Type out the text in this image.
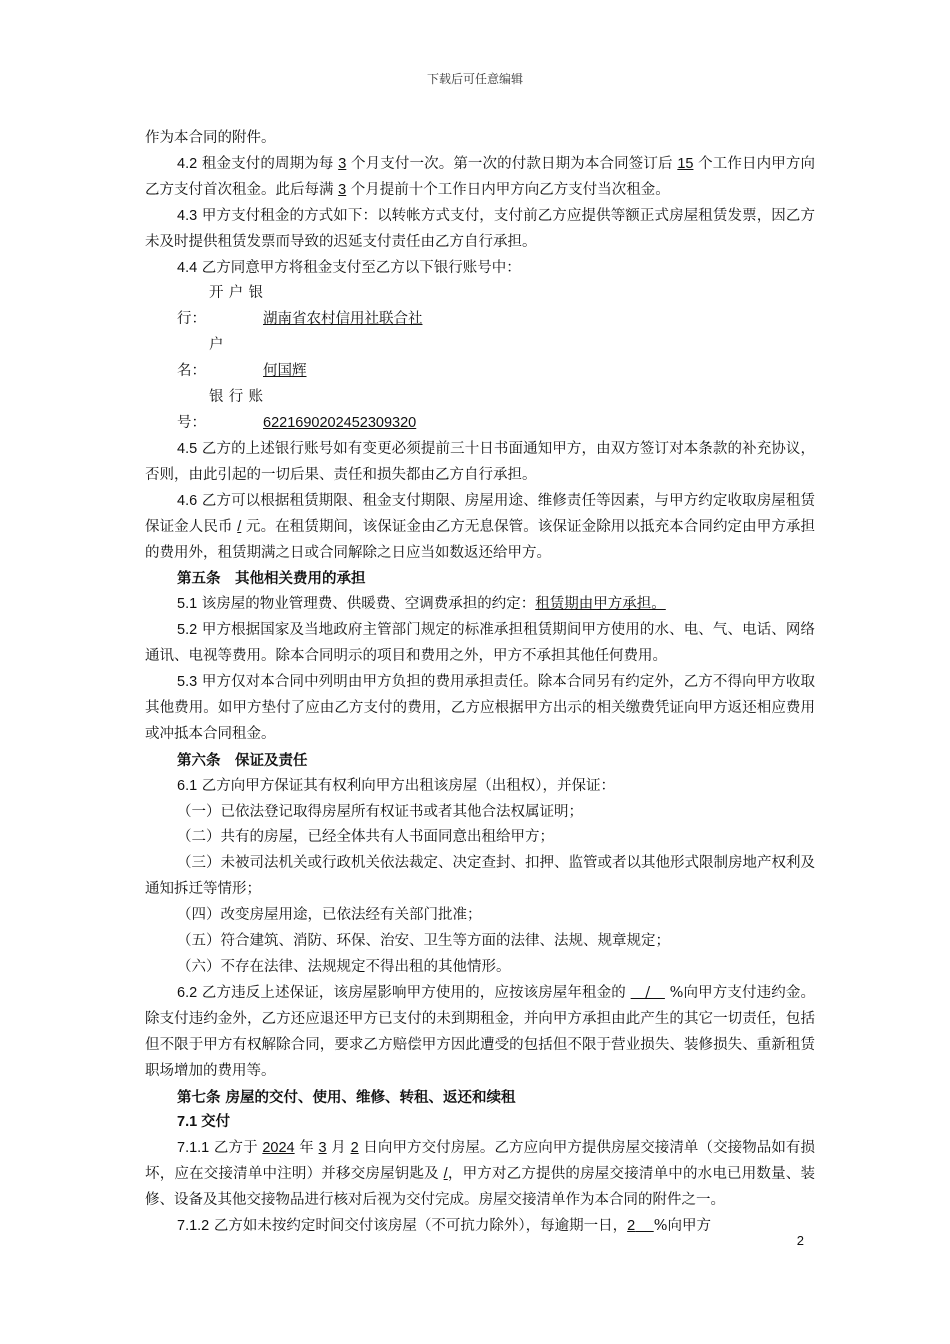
下载后可任意编辑

作为本合同的附件。

4.2 租金支付的周期为每 3 个月支付一次。第一次的付款日期为本合同签订后 15 个工作日内甲方向乙方支付首次租金。此后每满 3 个月提前十个工作日内甲方向乙方支付当次租金。

4.3 甲方支付租金的方式如下：以转帐方式支付，支付前乙方应提供等额正式房屋租赁发票，因乙方未及时提供租赁发票而导致的迟延支付责任由乙方自行承担。

4.4 乙方同意甲方将租金支付至乙方以下银行账号中：

开户银行：	湖南省农村信用社联合社

户　　名：	何国辉

银行账号：	6221690202452309320

4.5 乙方的上述银行账号如有变更必须提前三十日书面通知甲方，由双方签订对本条款的补充协议，否则，由此引起的一切后果、责任和损失都由乙方自行承担。

4.6 乙方可以根据租赁期限、租金支付期限、房屋用途、维修责任等因素，与甲方约定收取房屋租赁保证金人民币 / 元。在租赁期间，该保证金由乙方无息保管。该保证金除用以抵充本合同约定由甲方承担的费用外，租赁期满之日或合同解除之日应当如数返还给甲方。

第五条　其他相关费用的承担

5.1 该房屋的物业管理费、供暖费、空调费承担的约定：租赁期由甲方承担。

5.2 甲方根据国家及当地政府主管部门规定的标准承担租赁期间甲方使用的水、电、气、电话、网络通讯、电视等费用。除本合同明示的项目和费用之外，甲方不承担其他任何费用。

5.3 甲方仅对本合同中列明由甲方负担的费用承担责任。除本合同另有约定外，乙方不得向甲方收取其他费用。如甲方垫付了应由乙方支付的费用，乙方应根据甲方出示的相关缴费凭证向甲方返还相应费用或冲抵本合同租金。

第六条　保证及责任

6.1 乙方向甲方保证其有权利向甲方出租该房屋（出租权），并保证：

（一）已依法登记取得房屋所有权证书或者其他合法权属证明；

（二）共有的房屋，已经全体共有人书面同意出租给甲方；

（三）未被司法机关或行政机关依法裁定、决定查封、扣押、监管或者以其他形式限制房地产权利及通知拆迁等情形；

（四）改变房屋用途，已依法经有关部门批准；

（五）符合建筑、消防、环保、治安、卫生等方面的法律、法规、规章规定；

（六）不存在法律、法规规定不得出租的其他情形。

6.2 乙方违反上述保证，该房屋影响甲方使用的，应按该房屋年租金的 　/　 %向甲方支付违约金。除支付违约金外，乙方还应退还甲方已支付的未到期租金，并向甲方承担由此产生的其它一切责任，包括但不限于甲方有权解除合同，要求乙方赔偿甲方因此遭受的包括但不限于营业损失、装修损失、重新租赁职场增加的费用等。

第七条 房屋的交付、使用、维修、转租、返还和续租

7.1 交付

7.1.1 乙方于 2024 年 3 月 2 日向甲方交付房屋。乙方应向甲方提供房屋交接清单（交接物品如有损坏，应在交接清单中注明）并移交房屋钥匙及 /，甲方对乙方提供的房屋交接清单中的水电已用数量、装修、设备及其他交接物品进行核对后视为交付完成。房屋交接清单作为本合同的附件之一。

7.1.2 乙方如未按约定时间交付该房屋（不可抗力除外），每逾期一日，2　 %向甲方

2
